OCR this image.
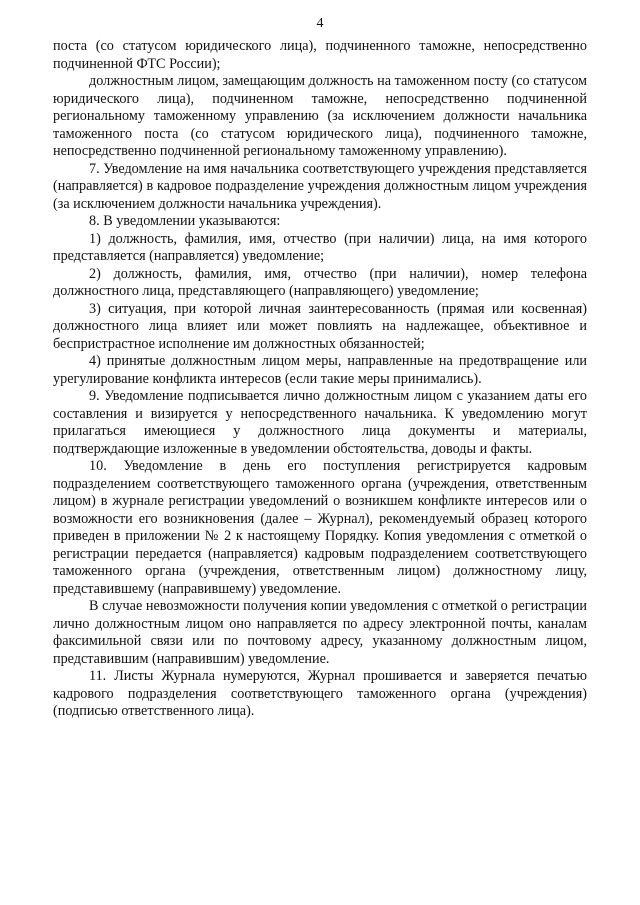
4

поста (со статусом юридического лица), подчиненного таможне, непосредственно подчиненной ФТС России);

должностным лицом, замещающим должность на таможенном посту (со статусом юридического лица), подчиненном таможне, непосредственно подчиненной региональному таможенному управлению (за исключением должности начальника таможенного поста (со статусом юридического лица), подчиненного таможне, непосредственно подчиненной региональному таможенному управлению).

7. Уведомление на имя начальника соответствующего учреждения представляется (направляется) в кадровое подразделение учреждения должностным лицом учреждения (за исключением должности начальника учреждения).

8. В уведомлении указываются:

1) должность, фамилия, имя, отчество (при наличии) лица, на имя которого представляется (направляется) уведомление;

2) должность, фамилия, имя, отчество (при наличии), номер телефона должностного лица, представляющего (направляющего) уведомление;

3) ситуация, при которой личная заинтересованность (прямая или косвенная) должностного лица влияет или может повлиять на надлежащее, объективное и беспристрастное исполнение им должностных обязанностей;

4) принятые должностным лицом меры, направленные на предотвращение или урегулирование конфликта интересов (если такие меры принимались).

9. Уведомление подписывается лично должностным лицом с указанием даты его составления и визируется у непосредственного начальника. К уведомлению могут прилагаться имеющиеся у должностного лица документы и материалы, подтверждающие изложенные в уведомлении обстоятельства, доводы и факты.

10. Уведомление в день его поступления регистрируется кадровым подразделением соответствующего таможенного органа (учреждения, ответственным лицом) в журнале регистрации уведомлений о возникшем конфликте интересов или о возможности его возникновения (далее – Журнал), рекомендуемый образец которого приведен в приложении № 2 к настоящему Порядку. Копия уведомления с отметкой о регистрации передается (направляется) кадровым подразделением соответствующего таможенного органа (учреждения, ответственным лицом) должностному лицу, представившему (направившему) уведомление.

В случае невозможности получения копии уведомления с отметкой о регистрации лично должностным лицом оно направляется по адресу электронной почты, каналам факсимильной связи или по почтовому адресу, указанному должностным лицом, представившим (направившим) уведомление.

11. Листы Журнала нумеруются, Журнал прошивается и заверяется печатью кадрового подразделения соответствующего таможенного органа (учреждения) (подписью ответственного лица).
